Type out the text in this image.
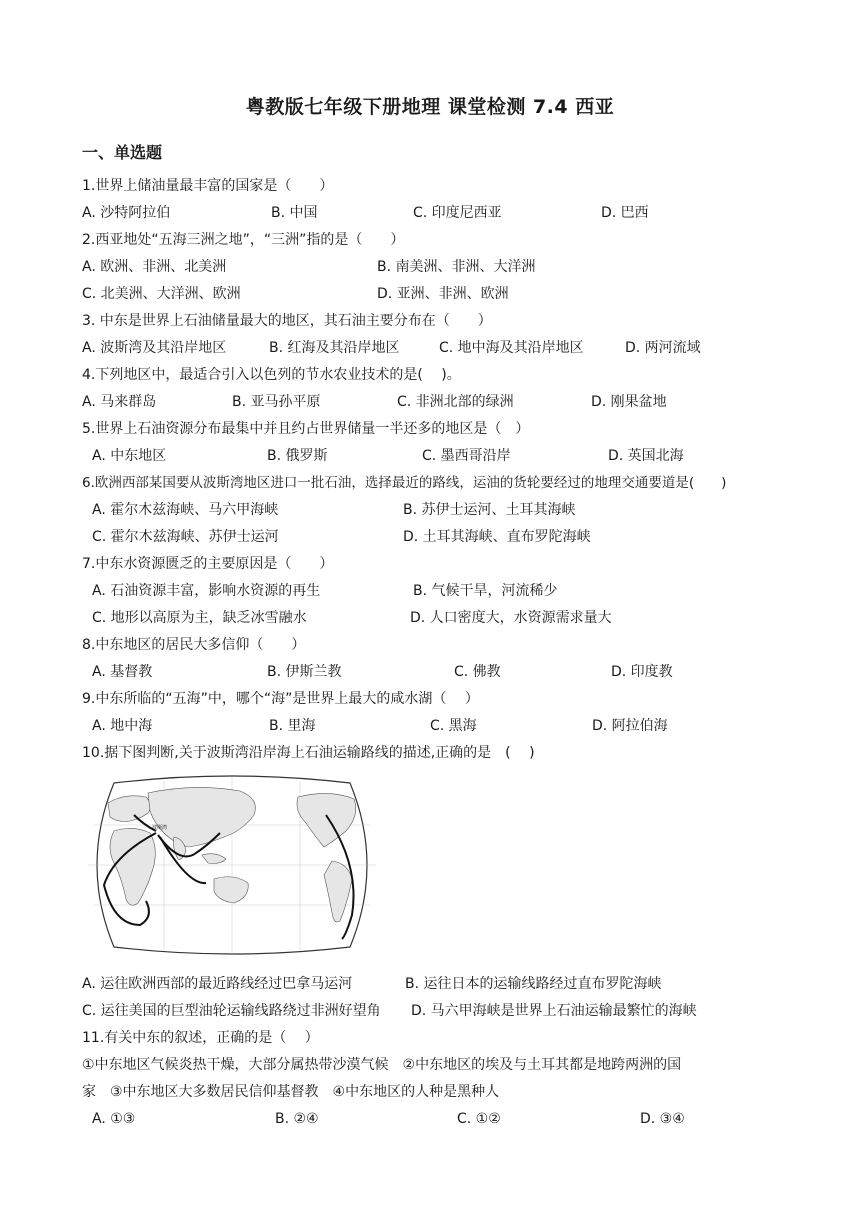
粤教版七年级下册地理 课堂检测 7.4 西亚
一、单选题
1.世界上储油量最丰富的国家是（　　）
A. 沙特阿拉伯	B. 中国	C. 印度尼西亚	D. 巴西
2.西亚地处“五海三洲之地”，“三洲”指的是（　　）
A. 欧洲、非洲、北美洲	B. 南美洲、非洲、大洋洲
C. 北美洲、大洋洲、欧洲	D. 亚洲、非洲、欧洲
3. 中东是世界上石油储量最大的地区，其石油主要分布在（　　）
A. 波斯湾及其沿岸地区	B. 红海及其沿岸地区	C. 地中海及其沿岸地区	D. 两河流域
4.下列地区中，最适合引入以色列的节水农业技术的是(　 )。
A. 马来群岛	B. 亚马孙平原	C. 非洲北部的绿洲	D. 刚果盆地
5.世界上石油资源分布最集中并且约占世界储量一半还多的地区是（　）
A. 中东地区	B. 俄罗斯	C. 墨西哥沿岸	D. 英国北海
6.欧洲西部某国要从波斯湾地区进口一批石油，选择最近的路线，运油的货轮要经过的地理交通要道是(　　)
A. 霍尔木兹海峡、马六甲海峡	B. 苏伊士运河、土耳其海峡
C. 霍尔木兹海峡、苏伊士运河	D. 土耳其海峡、直布罗陀海峡
7.中东水资源匮乏的主要原因是（　　）
A. 石油资源丰富，影响水资源的再生	B. 气候干旱，河流稀少
C. 地形以高原为主，缺乏冰雪融水	D. 人口密度大，水资源需求量大
8.中东地区的居民大多信仰（　　）
A. 基督教	B. 伊斯兰教	C. 佛教	D. 印度教
9.中东所临的“五海”中，哪个“海”是世界上最大的咸水湖（　 ）
A. 地中海	B. 里海	C. 黑海	D. 阿拉伯海
10.据下图判断,关于波斯湾沿岸海上石油运输路线的描述,正确的是　(　 )
波斯湾
A. 运往欧洲西部的最近路线经过巴拿马运河	B. 运往日本的运输线路经过直布罗陀海峡
C. 运往美国的巨型油轮运输线路绕过非洲好望角 D. 马六甲海峡是世界上石油运输最繁忙的海峡
11.有关中东的叙述，正确的是（　 ）
①中东地区气候炎热干燥，大部分属热带沙漠气候　②中东地区的埃及与土耳其都是地跨两洲的国
家　③中东地区大多数居民信仰基督教　④中东地区的人种是黑种人
A. ①③	B. ②④	C. ①②	D. ③④
